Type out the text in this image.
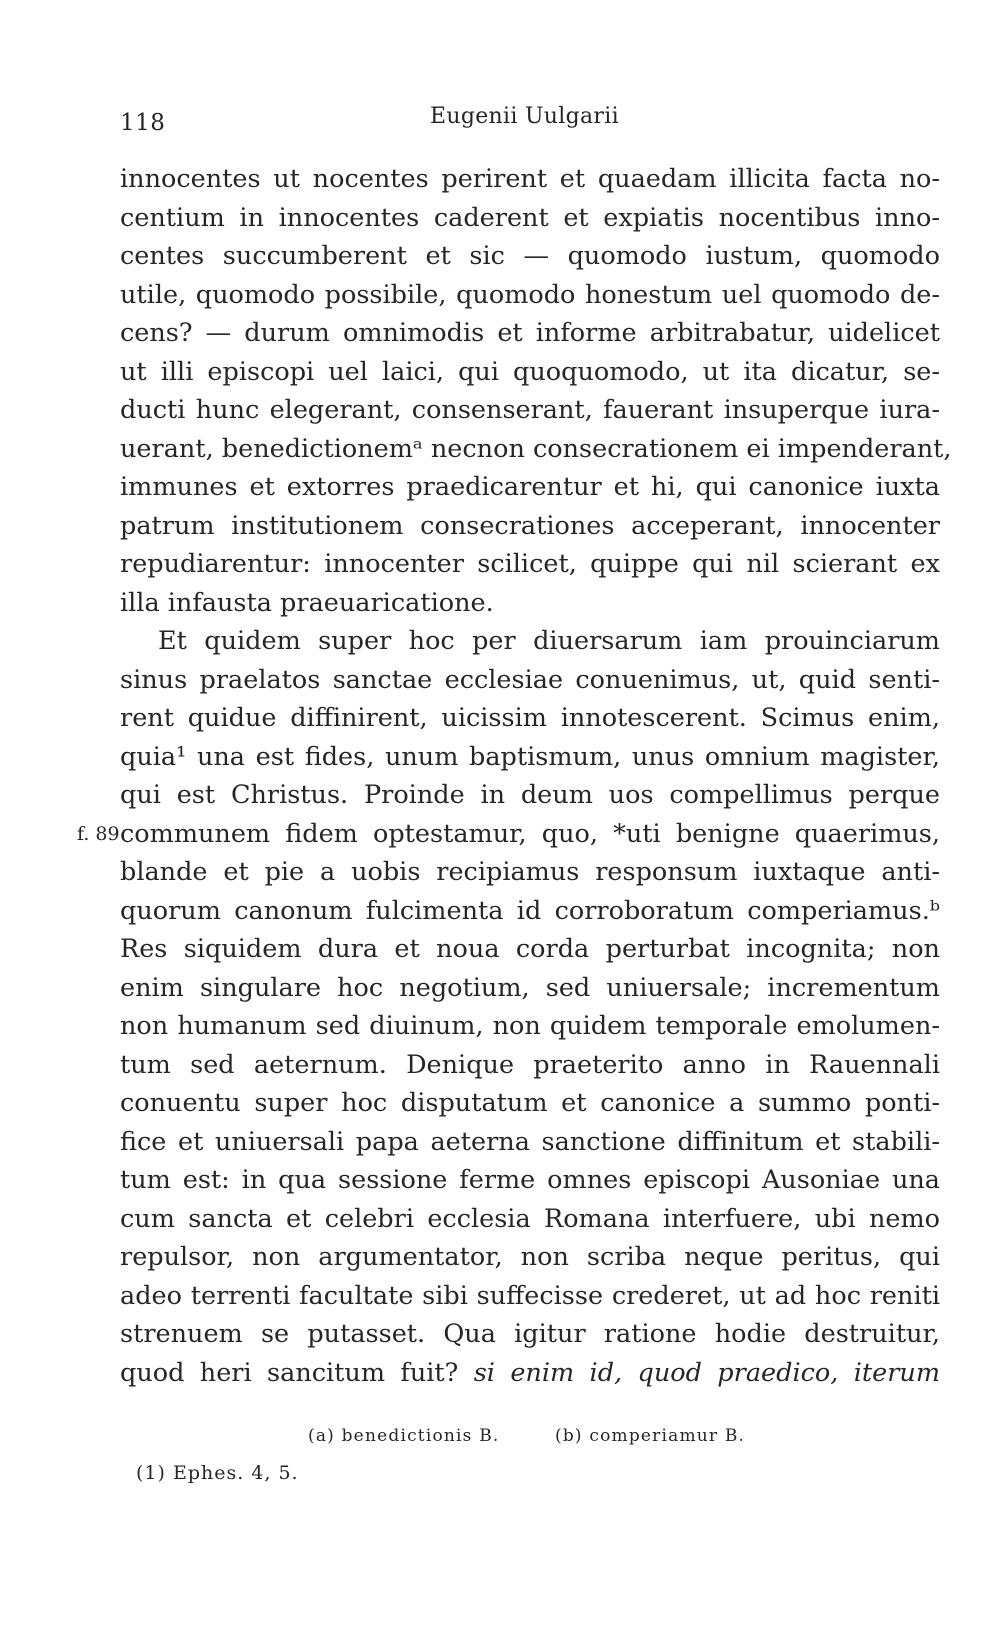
118	Eugenii Uulgarii
innocentes ut nocentes perirent et quaedam illicita facta no-
centium in innocentes caderent et expiatis nocentibus inno-
centes succumberent et sic — quomodo iustum, quomodo
utile, quomodo possibile, quomodo honestum uel quomodo de-
cens? — durum omnimodis et informe arbitrabatur, uidelicet
ut illi episcopi uel laici, qui quoquomodo, ut ita dicatur, se-
ducti hunc elegerant, consenserant, fauerant insuperque iura-
uerant, benedictionemᵃ necnon consecrationem ei impenderant,
immunes et extorres praedicarentur et hi, qui canonice iuxta
patrum institutionem consecrationes acceperant, innocenter
repudiarentur: innocenter scilicet, quippe qui nil scierant ex
illa infausta praeuaricatione.
Et quidem super hoc per diuersarum iam prouinciarum
sinus praelatos sanctae ecclesiae conuenimus, ut, quid senti-
rent quidue diffinirent, uicissim innotescerent. Scimus enim,
quia¹ una est fides, unum baptismum, unus omnium magister,
qui est Christus. Proinde in deum uos compellimus perque
f. 89 communem fidem optestamur, quo, *uti benigne quaerimus,
blande et pie a uobis recipiamus responsum iuxtaque anti-
quorum canonum fulcimenta id corroboratum comperiamus.ᵇ
Res siquidem dura et noua corda perturbat incognita; non
enim singulare hoc negotium, sed uniuersale; incrementum
non humanum sed diuinum, non quidem temporale emolumen-
tum sed aeternum. Denique praeterito anno in Rauennali
conuentu super hoc disputatum et canonice a summo ponti-
fice et uniuersali papa aeterna sanctione diffinitum et stabili-
tum est: in qua sessione ferme omnes episcopi Ausoniae una
cum sancta et celebri ecclesia Romana interfuere, ubi nemo
repulsor, non argumentator, non scriba neque peritus, qui
adeo terrenti facultate sibi suffecisse crederet, ut ad hoc reniti
strenuem se putasset. Qua igitur ratione hodie destruitur,
quod heri sancitum fuit? si enim id, quod praedico, iterum
(a) benedictionis B.	(b) comperiamur B.
(1) Ephes. 4, 5.
